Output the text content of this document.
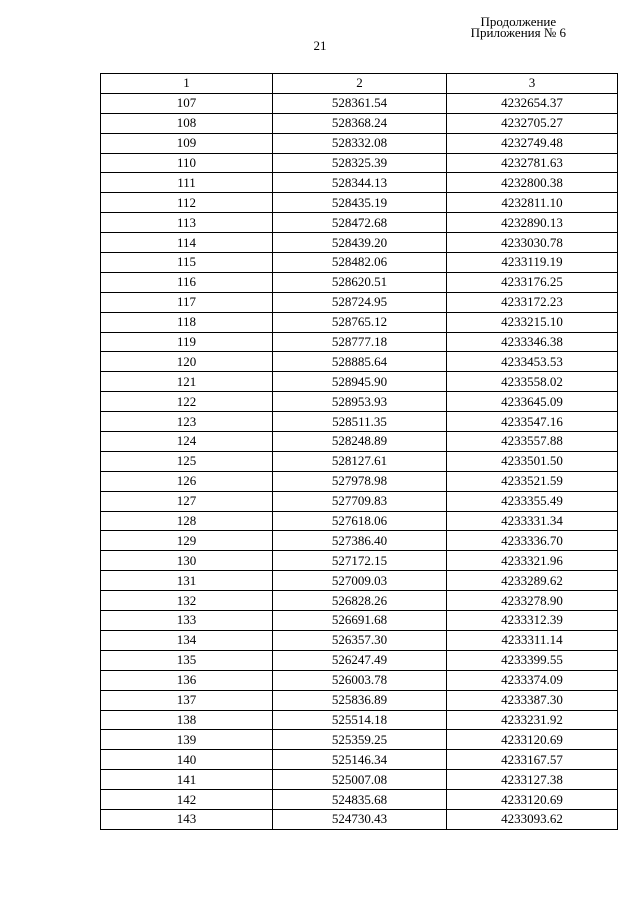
Продолжение
Приложения № 6
21
1	2	3
107	528361.54	4232654.37
108	528368.24	4232705.27
109	528332.08	4232749.48
110	528325.39	4232781.63
111	528344.13	4232800.38
112	528435.19	4232811.10
113	528472.68	4232890.13
114	528439.20	4233030.78
115	528482.06	4233119.19
116	528620.51	4233176.25
117	528724.95	4233172.23
118	528765.12	4233215.10
119	528777.18	4233346.38
120	528885.64	4233453.53
121	528945.90	4233558.02
122	528953.93	4233645.09
123	528511.35	4233547.16
124	528248.89	4233557.88
125	528127.61	4233501.50
126	527978.98	4233521.59
127	527709.83	4233355.49
128	527618.06	4233331.34
129	527386.40	4233336.70
130	527172.15	4233321.96
131	527009.03	4233289.62
132	526828.26	4233278.90
133	526691.68	4233312.39
134	526357.30	4233311.14
135	526247.49	4233399.55
136	526003.78	4233374.09
137	525836.89	4233387.30
138	525514.18	4233231.92
139	525359.25	4233120.69
140	525146.34	4233167.57
141	525007.08	4233127.38
142	524835.68	4233120.69
143	524730.43	4233093.62
